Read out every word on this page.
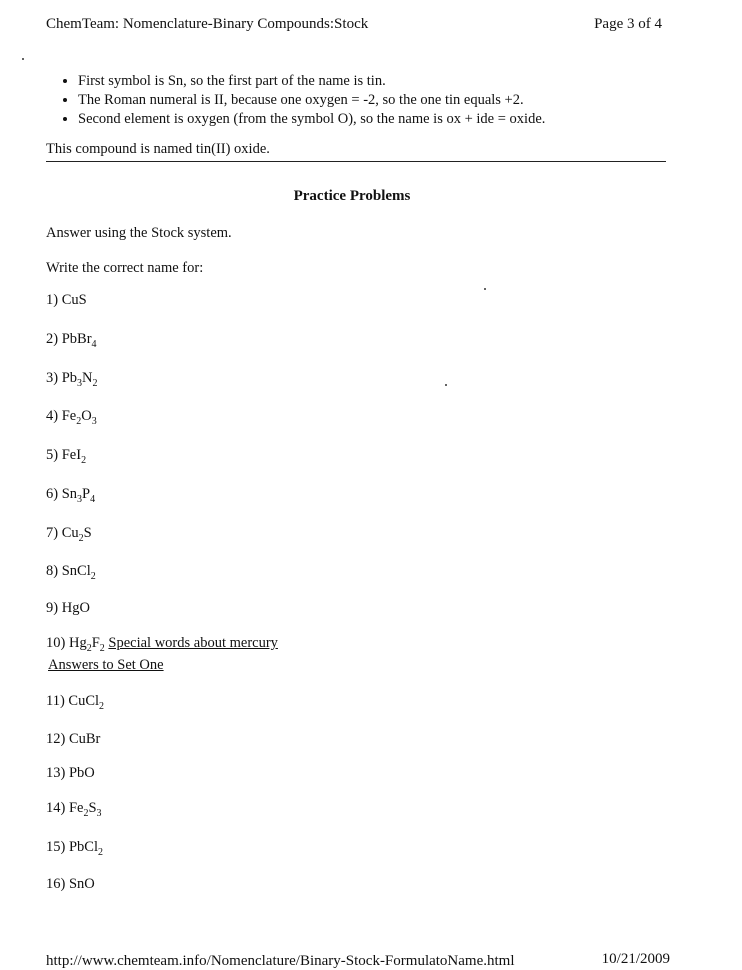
ChemTeam: Nomenclature-Binary Compounds:Stock	Page 3 of 4
• First symbol is Sn, so the first part of the name is tin.
• The Roman numeral is II, because one oxygen = -2, so the one tin equals +2.
• Second element is oxygen (from the symbol O), so the name is ox + ide = oxide.
This compound is named tin(II) oxide.
Practice Problems
Answer using the Stock system.
Write the correct name for:
1) CuS
2) PbBr$_4$
3) $Pb_3N_2$
4) $Fe_2O_3$
5) FeI$_2$
6) $Sn_3P_4$
7) $Cu_2S$
8) SnCl$_2$
9) HgO
10) $Hg_2F_2$ Special words about mercury
11) CuCl$_2$
12) CuBr
13) PbO
14) $Fe_2S_3$
15) PbCl$_2$
16) SnO
Answers to Set One
http://www.chemteam.info/Nomenclature/Binary-Stock-FormulatoName.html	10/21/2009
